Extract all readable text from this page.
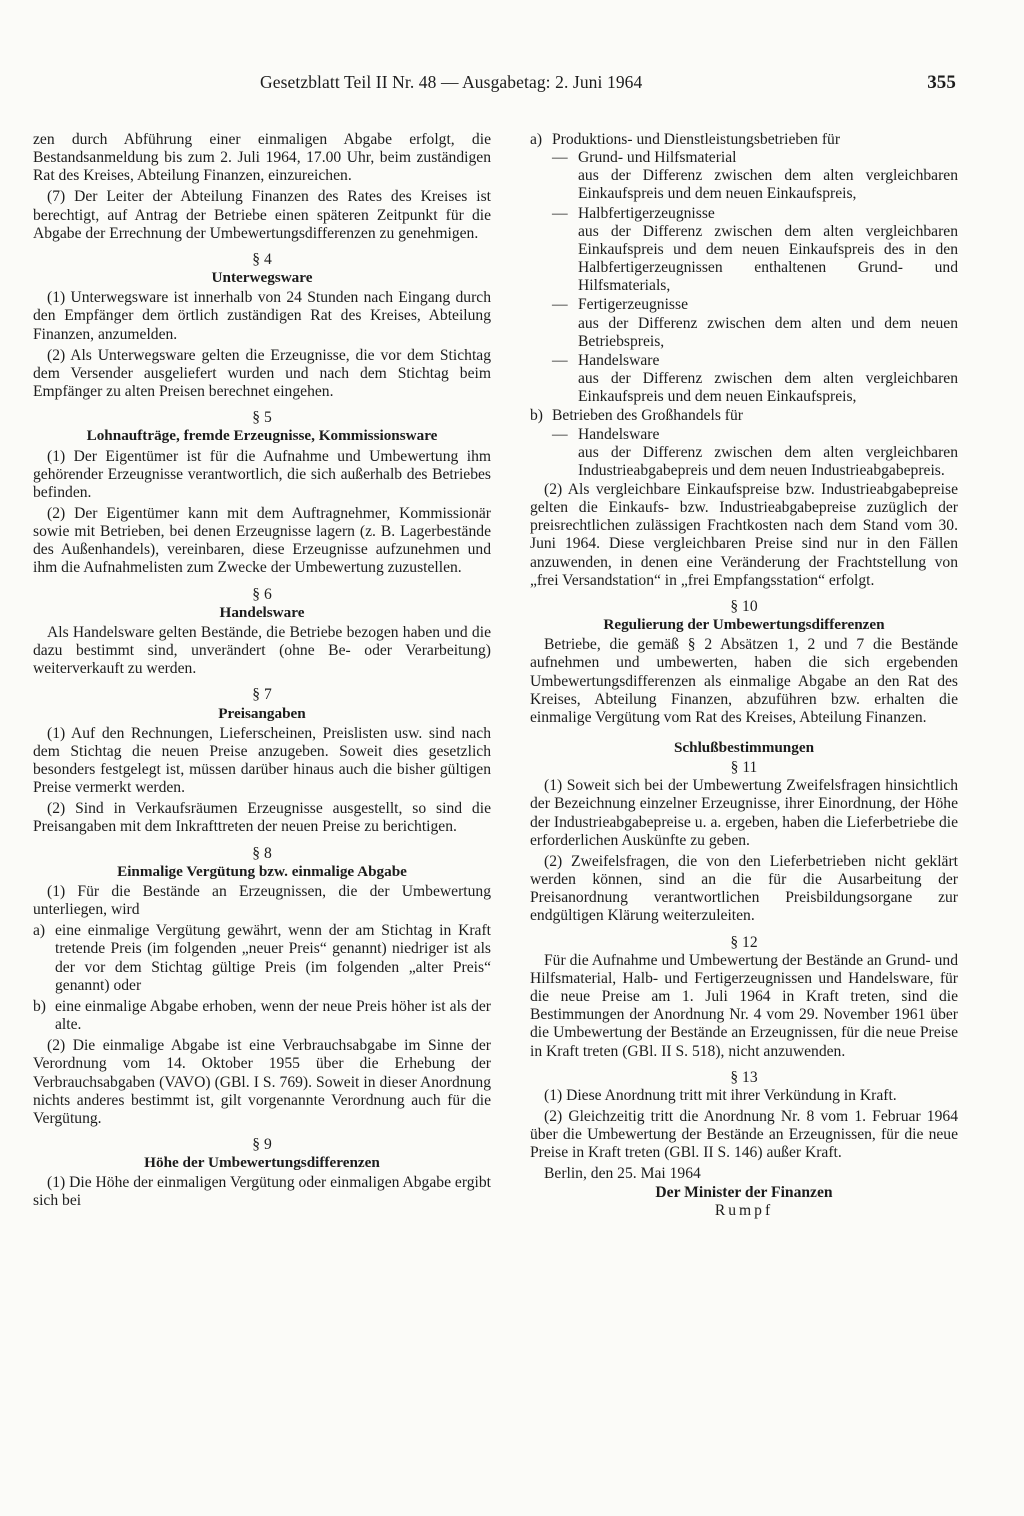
Gesetzblatt Teil II Nr. 48 — Ausgabetag: 2. Juni 1964	355

zen durch Abführung einer einmaligen Abgabe erfolgt, die Bestandsanmeldung bis zum 2. Juli 1964, 17.00 Uhr, beim zuständigen Rat des Kreises, Abteilung Finanzen, einzureichen.

(7) Der Leiter der Abteilung Finanzen des Rates des Kreises ist berechtigt, auf Antrag der Betriebe einen späteren Zeitpunkt für die Abgabe der Errechnung der Umbewertungsdifferenzen zu genehmigen.

§ 4

Unterwegsware

(1) Unterwegsware ist innerhalb von 24 Stunden nach Eingang durch den Empfänger dem örtlich zuständigen Rat des Kreises, Abteilung Finanzen, anzumelden.

(2) Als Unterwegsware gelten die Erzeugnisse, die vor dem Stichtag dem Versender ausgeliefert wurden und nach dem Stichtag beim Empfänger zu alten Preisen berechnet eingehen.

§ 5

Lohnaufträge, fremde Erzeugnisse, Kommissionsware

(1) Der Eigentümer ist für die Aufnahme und Umbewertung ihm gehörender Erzeugnisse verantwortlich, die sich außerhalb des Betriebes befinden.

(2) Der Eigentümer kann mit dem Auftragnehmer, Kommissionär sowie mit Betrieben, bei denen Erzeugnisse lagern (z. B. Lagerbestände des Außenhandels), vereinbaren, diese Erzeugnisse aufzunehmen und ihm die Aufnahmelisten zum Zwecke der Umbewertung zuzustellen.

§ 6

Handelsware

Als Handelsware gelten Bestände, die Betriebe bezogen haben und die dazu bestimmt sind, unverändert (ohne Be- oder Verarbeitung) weiterverkauft zu werden.

§ 7

Preisangaben

(1) Auf den Rechnungen, Lieferscheinen, Preislisten usw. sind nach dem Stichtag die neuen Preise anzugeben. Soweit dies gesetzlich besonders festgelegt ist, müssen darüber hinaus auch die bisher gültigen Preise vermerkt werden.

(2) Sind in Verkaufsräumen Erzeugnisse ausgestellt, so sind die Preisangaben mit dem Inkrafttreten der neuen Preise zu berichtigen.

§ 8

Einmalige Vergütung bzw. einmalige Abgabe

(1) Für die Bestände an Erzeugnissen, die der Umbewertung unterliegen, wird

a) eine einmalige Vergütung gewährt, wenn der am Stichtag in Kraft tretende Preis (im folgenden „neuer Preis“ genannt) niedriger ist als der vor dem Stichtag gültige Preis (im folgenden „alter Preis“ genannt) oder
b) eine einmalige Abgabe erhoben, wenn der neue Preis höher ist als der alte.

(2) Die einmalige Abgabe ist eine Verbrauchsabgabe im Sinne der Verordnung vom 14. Oktober 1955 über die Erhebung der Verbrauchsabgaben (VAVO) (GBl. I S. 769). Soweit in dieser Anordnung nichts anderes bestimmt ist, gilt vorgenannte Verordnung auch für die Vergütung.

§ 9

Höhe der Umbewertungsdifferenzen

(1) Die Höhe der einmaligen Vergütung oder einmaligen Abgabe ergibt sich bei

a) Produktions- und Dienstleistungsbetrieben für
— Grund- und Hilfsmaterial

aus der Differenz zwischen dem alten vergleichbaren Einkaufspreis und dem neuen Einkaufspreis,

— Halbfertigerzeugnisse

aus der Differenz zwischen dem alten vergleichbaren Einkaufspreis und dem neuen Einkaufspreis des in den Halbfertigerzeugnissen enthaltenen Grund- und Hilfsmaterials,

— Fertigerzeugnisse

aus der Differenz zwischen dem alten und dem neuen Betriebspreis,

— Handelsware

aus der Differenz zwischen dem alten vergleichbaren Einkaufspreis und dem neuen Einkaufspreis,

b) Betrieben des Großhandels für
— Handelsware

aus der Differenz zwischen dem alten vergleichbaren Industrieabgabepreis und dem neuen Industrieabgabepreis.

(2) Als vergleichbare Einkaufspreise bzw. Industrieabgabepreise gelten die Einkaufs- bzw. Industrieabgabepreise zuzüglich der preisrechtlichen zulässigen Frachtkosten nach dem Stand vom 30. Juni 1964. Diese vergleichbaren Preise sind nur in den Fällen anzuwenden, in denen eine Veränderung der Frachtstellung von „frei Versandstation“ in „frei Empfangsstation“ erfolgt.

§ 10

Regulierung der Umbewertungsdifferenzen

Betriebe, die gemäß § 2 Absätzen 1, 2 und 7 die Bestände aufnehmen und umbewerten, haben die sich ergebenden Umbewertungsdifferenzen als einmalige Abgabe an den Rat des Kreises, Abteilung Finanzen, abzuführen bzw. erhalten die einmalige Vergütung vom Rat des Kreises, Abteilung Finanzen.

Schlußbestimmungen

§ 11

(1) Soweit sich bei der Umbewertung Zweifelsfragen hinsichtlich der Bezeichnung einzelner Erzeugnisse, ihrer Einordnung, der Höhe der Industrieabgabepreise u. a. ergeben, haben die Lieferbetriebe die erforderlichen Auskünfte zu geben.

(2) Zweifelsfragen, die von den Lieferbetrieben nicht geklärt werden können, sind an die für die Ausarbeitung der Preisanordnung verantwortlichen Preisbildungsorgane zur endgültigen Klärung weiterzuleiten.

§ 12

Für die Aufnahme und Umbewertung der Bestände an Grund- und Hilfsmaterial, Halb- und Fertigerzeugnissen und Handelsware, für die neue Preise am 1. Juli 1964 in Kraft treten, sind die Bestimmungen der Anordnung Nr. 4 vom 29. November 1961 über die Umbewertung der Bestände an Erzeugnissen, für die neue Preise in Kraft treten (GBl. II S. 518), nicht anzuwenden.

§ 13

(1) Diese Anordnung tritt mit ihrer Verkündung in Kraft.

(2) Gleichzeitig tritt die Anordnung Nr. 8 vom 1. Februar 1964 über die Umbewertung der Bestände an Erzeugnissen, für die neue Preise in Kraft treten (GBl. II S. 146) außer Kraft.

Berlin, den 25. Mai 1964

Der Minister der Finanzen

Rumpf
